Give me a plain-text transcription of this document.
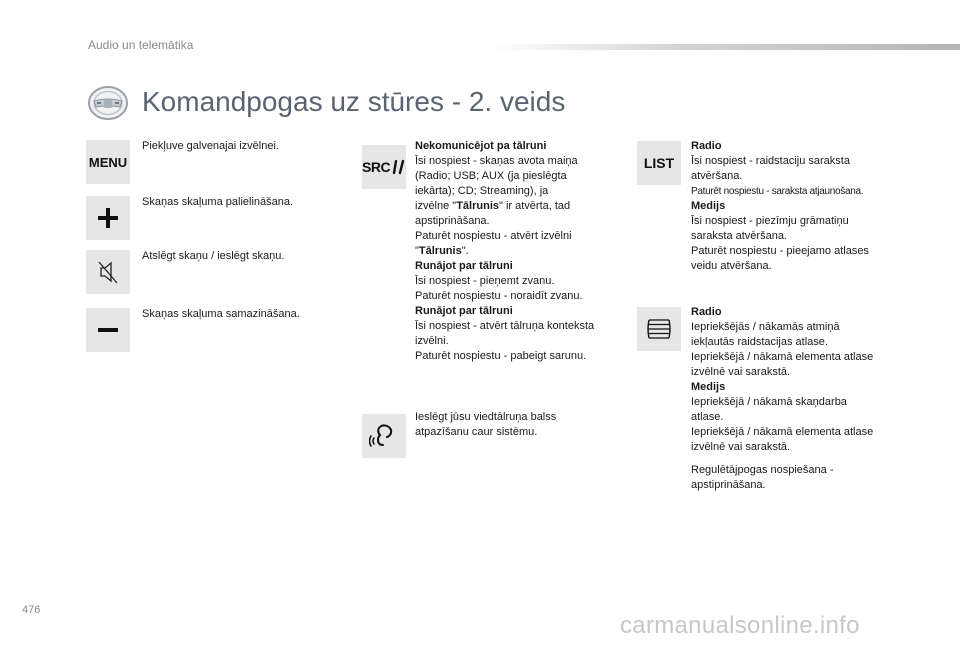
Audio un telemātika
Komandpogas uz stūres - 2. veids
MENU
Piekļuve galvenajai izvēlnei.
Skaņas skaļuma palielināšana.
Atslēgt skaņu / ieslēgt skaņu.
Skaņas skaļuma samazināšana.
SRC
Nekomunicējot pa tālruni
Īsi nospiest - skaņas avota maiņa
(Radio; USB; AUX (ja pieslēgta
iekārta); CD; Streaming), ja
izvēlne "Tālrunis" ir atvērta, tad
apstiprināšana.
Paturēt nospiestu - atvērt izvēlni
"Tālrunis".
Runājot par tālruni
Īsi nospiest - pieņemt zvanu.
Paturēt nospiestu - noraidīt zvanu.
Runājot par tālruni
Īsi nospiest - atvērt tālruņa konteksta
izvēlni.
Paturēt nospiestu - pabeigt sarunu.
Ieslēgt jūsu viedtālruņa balss
atpazīšanu caur sistēmu.
LIST
Radio
Īsi nospiest - raidstaciju saraksta
atvēršana.
Paturēt nospiestu - saraksta atjaunošana.
Medijs
Īsi nospiest - piezīmju grāmatiņu
saraksta atvēršana.
Paturēt nospiestu - pieejamo atlases
veidu atvēršana.
Radio
Iepriekšējās / nākamās atmiņā
iekļautās raidstacijas atlase.
Iepriekšējā / nākamā elementa atlase
izvēlnē vai sarakstā.
Medijs
Iepriekšējā / nākamā skaņdarba
atlase.
Iepriekšējā / nākamā elementa atlase
izvēlnē vai sarakstā.
Regulētājpogas nospiešana -
apstiprināšana.
476
carmanualsonline.info
